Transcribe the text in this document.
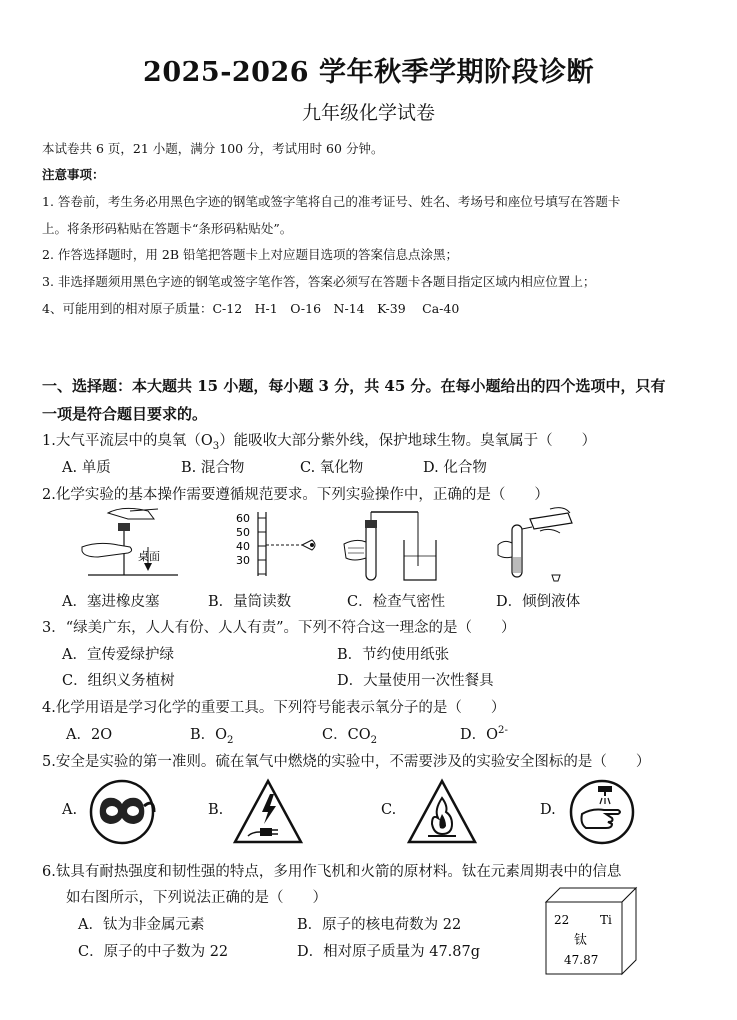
2025-2026 学年秋季学期阶段诊断
九年级化学试卷
本试卷共 6 页，21 小题，满分 100 分，考试用时 60 分钟。
注意事项：
1. 答卷前，考生务必用黑色字迹的钢笔或签字笔将自己的准考证号、姓名、考场号和座位号填写在答题卡
上。将条形码粘贴在答题卡“条形码粘贴处”。
2. 作答选择题时，用 2B 铅笔把答题卡上对应题目选项的答案信息点涂黑；
3. 非选择题须用黑色字迹的钢笔或签字笔作答，答案必须写在答题卡各题目指定区域内相应位置上；
4、可能用到的相对原子质量：C-12　H-1　O-16　N-14　K-39　 Ca-40
一、选择题：本大题共 15 小题，每小题 3 分，共 45 分。在每小题给出的四个选项中，只有
一项是符合题目要求的。
1.大气平流层中的臭氧$(O_3)$能吸收大部分紫外线，保护地球生物。臭氧属于（　　）
A. 单质	B. 混合物	C. 氧化物	D. 化合物
2.化学实验的基本操作需要遵循规范要求。下列实验操作中，正确的是（　　）
桌面
60
50
40
30
A．塞进橡皮塞	B．量筒读数	C．检查气密性	D．倾倒液体
3．“绿美广东，人人有份、人人有责”。下列不符合这一理念的是（　　）
A．宣传爱绿护绿	B．节约使用纸张
C．组织义务植树	D．大量使用一次性餐具
4.化学用语是学习化学的重要工具。下列符号能表示氧分子的是（　　）
A．2O	B．$O_2$	C．$CO_2$	D．$O^{2-}$
5.安全是实验的第一准则。硫在氧气中燃烧的实验中，不需要涉及的实验安全图标的是（　　）
A.	B.	C.	D.
6.钛具有耐热强度和韧性强的特点，多用作飞机和火箭的原材料。钛在元素周期表中的信息
如右图所示，下列说法正确的是（　　）
A．钛为非金属元素	B．原子的核电荷数为 22
C．原子的中子数为 22	D．相对原子质量为 47.87g
22	Ti
钛
47.87
